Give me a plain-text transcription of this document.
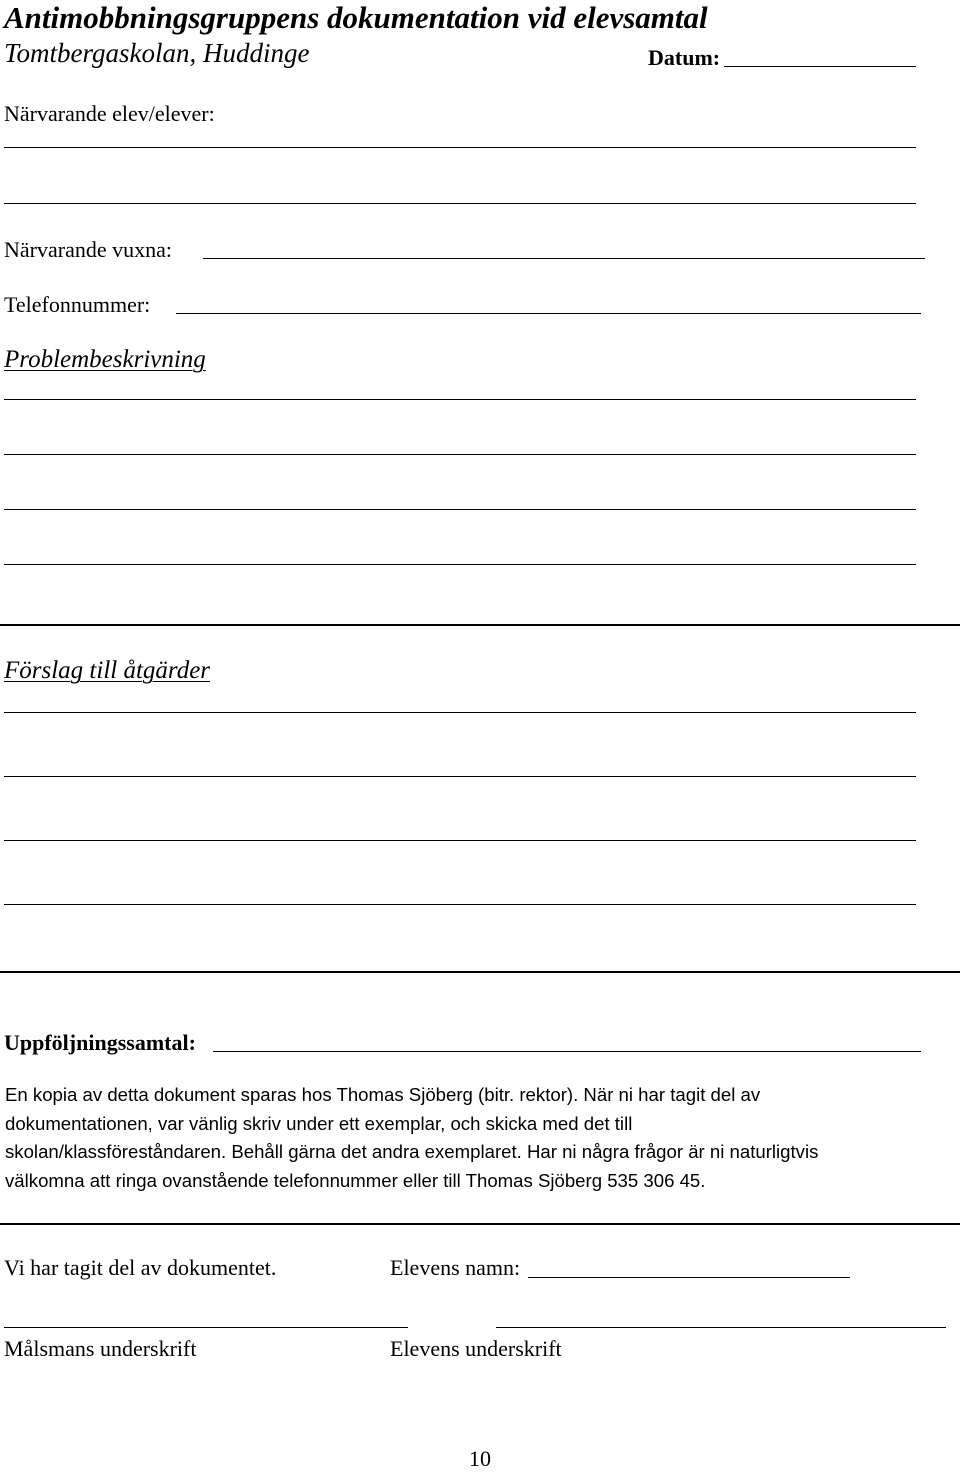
Antimobbningsgruppens dokumentation vid elevsamtal
Tomtbergaskolan, Huddinge	Datum:
Närvarande elev/elever:
Närvarande vuxna:
Telefonnummer:
Problembeskrivning
Förslag till åtgärder
Uppföljningssamtal:

En kopia av detta dokument sparas hos Thomas Sjöberg (bitr. rektor). När ni har tagit del av

dokumentationen, var vänlig skriv under ett exemplar, och skicka med det till

skolan/klassföreståndaren. Behåll gärna det andra exemplaret. Har ni några frågor är ni naturligtvis

välkomna att ringa ovanstående telefonnummer eller till Thomas Sjöberg 535 306 45.

Vi har tagit del av dokumentet.	Elevens namn:
Målsmans underskrift	Elevens underskrift
10
